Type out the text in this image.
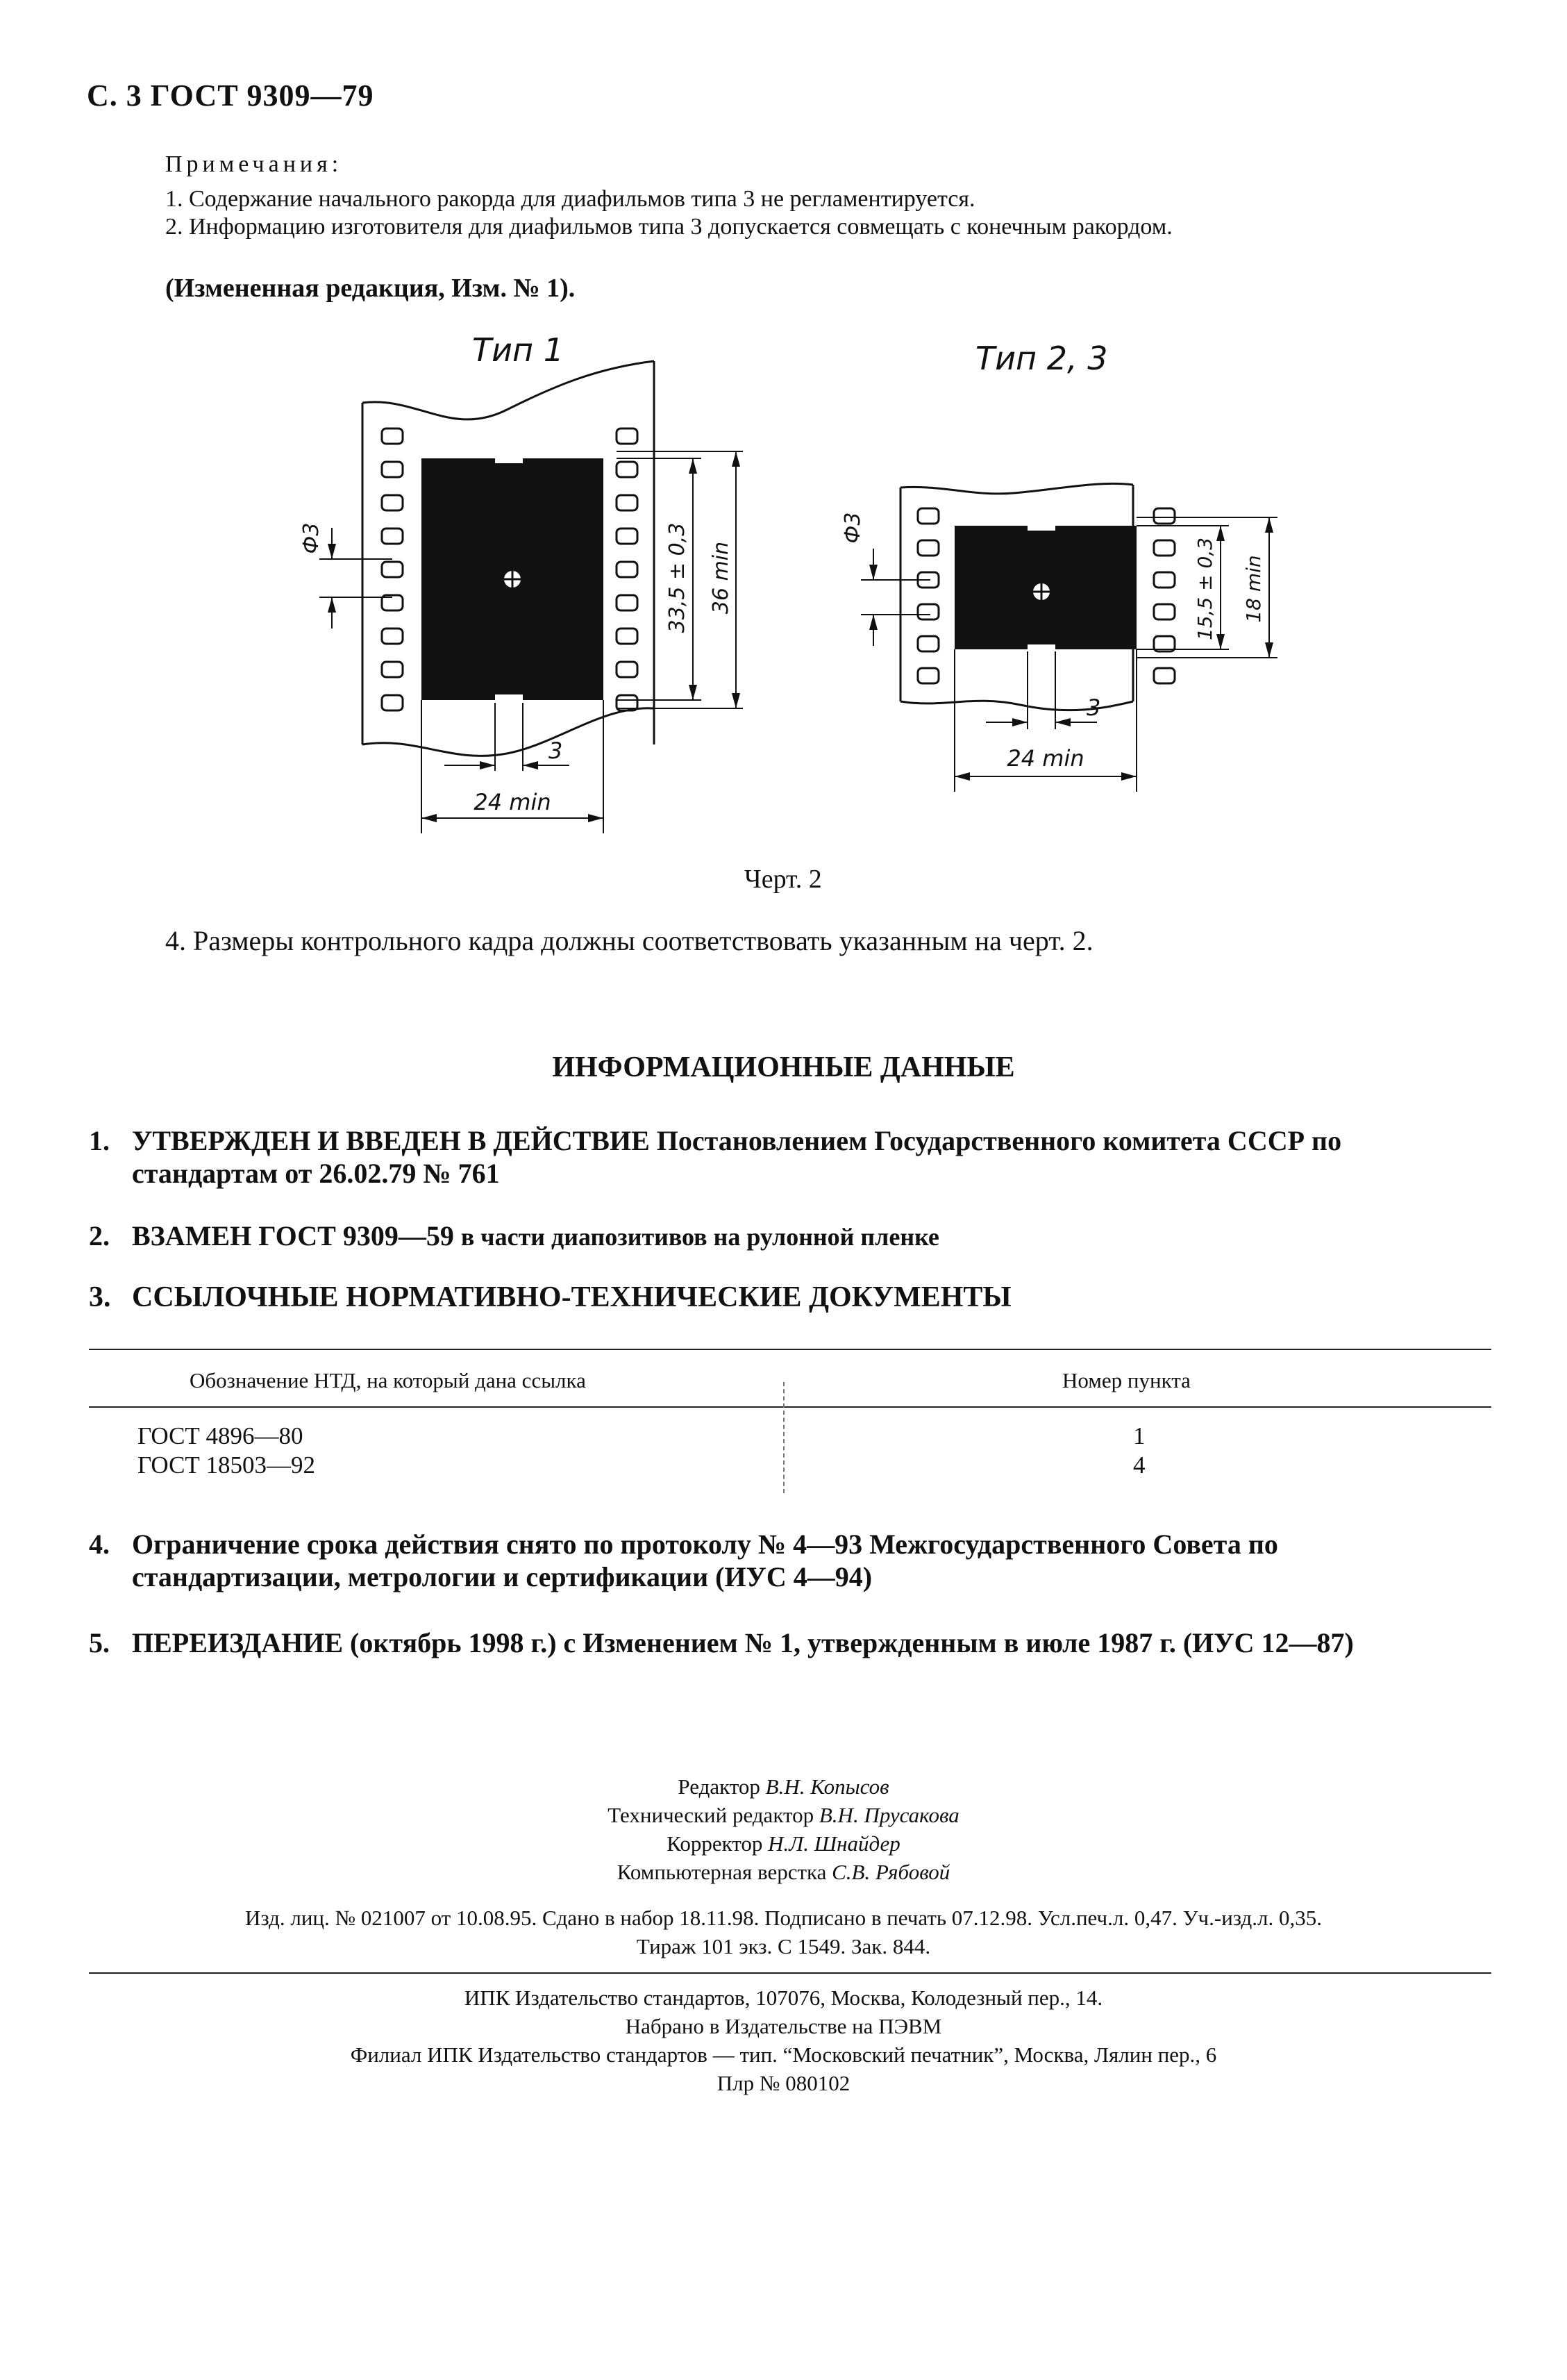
С. 3 ГОСТ 9309—79
Примечания:
1. Содержание начального ракорда для диафильмов типа 3 не регламентируется.
2. Информацию изготовителя для диафильмов типа 3 допускается совмещать с конечным ракордом.
(Измененная редакция, Изм. № 1).
Тип 1	Тип 2, 3
Ф3	33,5 ± 0,3 36 min
3
24 min
Ф3
15,5 ± 0,3 18 min
3
24 min
Черт. 2
4. Размеры контрольного кадра должны соответствовать указанным на черт. 2.
ИНФОРМАЦИОННЫЕ ДАННЫЕ
1. УТВЕРЖДЕН И ВВЕДЕН В ДЕЙСТВИЕ Постановлением Государственного комитета СССР по стандартам от 26.02.79 № 761
2. ВЗАМЕН ГОСТ 9309—59 в части диапозитивов на рулонной пленке
3. ССЫЛОЧНЫЕ НОРМАТИВНО-ТЕХНИЧЕСКИЕ ДОКУМЕНТЫ
Обозначение НТД, на который дана ссылка	Номер пункта
ГОСТ 4896—80	1
ГОСТ 18503—92	4
4. Ограничение срока действия снято по протоколу № 4—93 Межгосударственного Совета по стандартизации, метрологии и сертификации (ИУС 4—94)
5. ПЕРЕИЗДАНИЕ (октябрь 1998 г.) с Изменением № 1, утвержденным в июле 1987 г. (ИУС 12—87)
Редактор В.Н. Копысов
Технический редактор В.Н. Прусакова
Корректор Н.Л. Шнайдер
Компьютерная верстка С.В. Рябовой
Изд. лиц. № 021007 от 10.08.95. Сдано в набор 18.11.98. Подписано в печать 07.12.98. Усл.печ.л. 0,47. Уч.-изд.л. 0,35.
Тираж 101 экз. С 1549. Зак. 844.
ИПК Издательство стандартов, 107076, Москва, Колодезный пер., 14.
Набрано в Издательстве на ПЭВМ
Филиал ИПК Издательство стандартов — тип. “Московский печатник”, Москва, Лялин пер., 6
Плр № 080102
